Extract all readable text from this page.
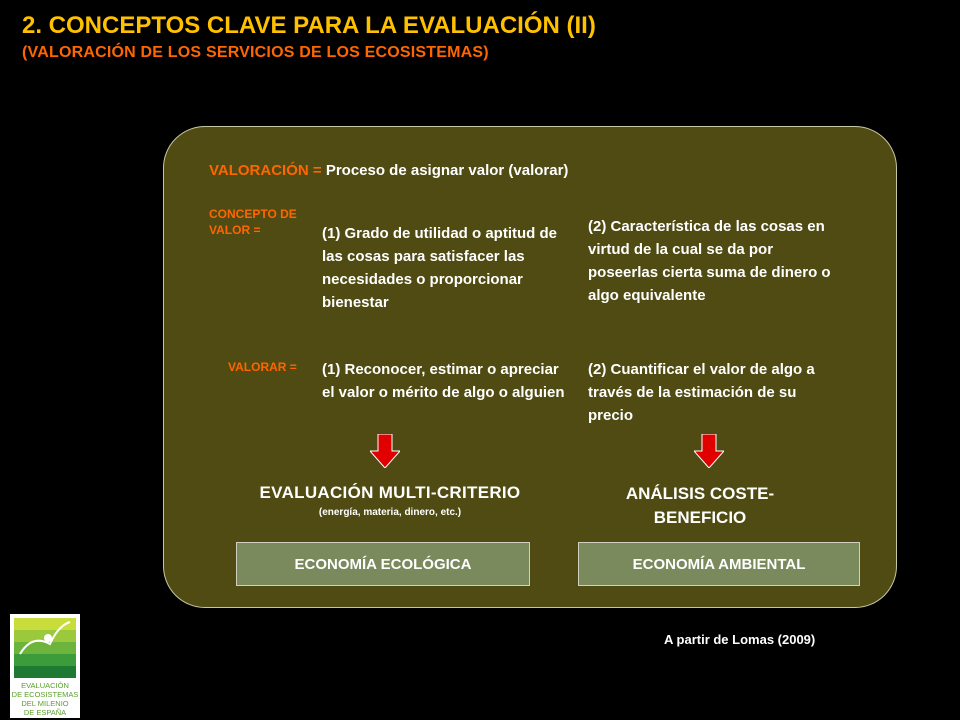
2. CONCEPTOS CLAVE PARA LA EVALUACIÓN (II)
(VALORACIÓN DE LOS SERVICIOS DE LOS ECOSISTEMAS)
VALORACIÓN = Proceso de asignar valor (valorar)
CONCEPTO DE VALOR =	(1) Grado de utilidad o aptitud de las cosas para satisfacer las necesidades o proporcionar bienestar
(2) Característica de las cosas en virtud de la cual se da por poseerlas cierta suma de dinero o algo equivalente
VALORAR = (1) Reconocer, estimar o apreciar el valor o mérito de algo o alguien
(2) Cuantificar el valor de algo a través de la estimación de su precio
EVALUACIÓN MULTI-CRITERIO
(energía, materia, dinero, etc.)
ANÁLISIS COSTE-BENEFICIO
ECONOMÍA ECOLÓGICA	ECONOMÍA AMBIENTAL
A partir de Lomas (2009)
EVALUACIÓN
DE ECOSISTEMAS
DEL MILENIO
DE ESPAÑA
